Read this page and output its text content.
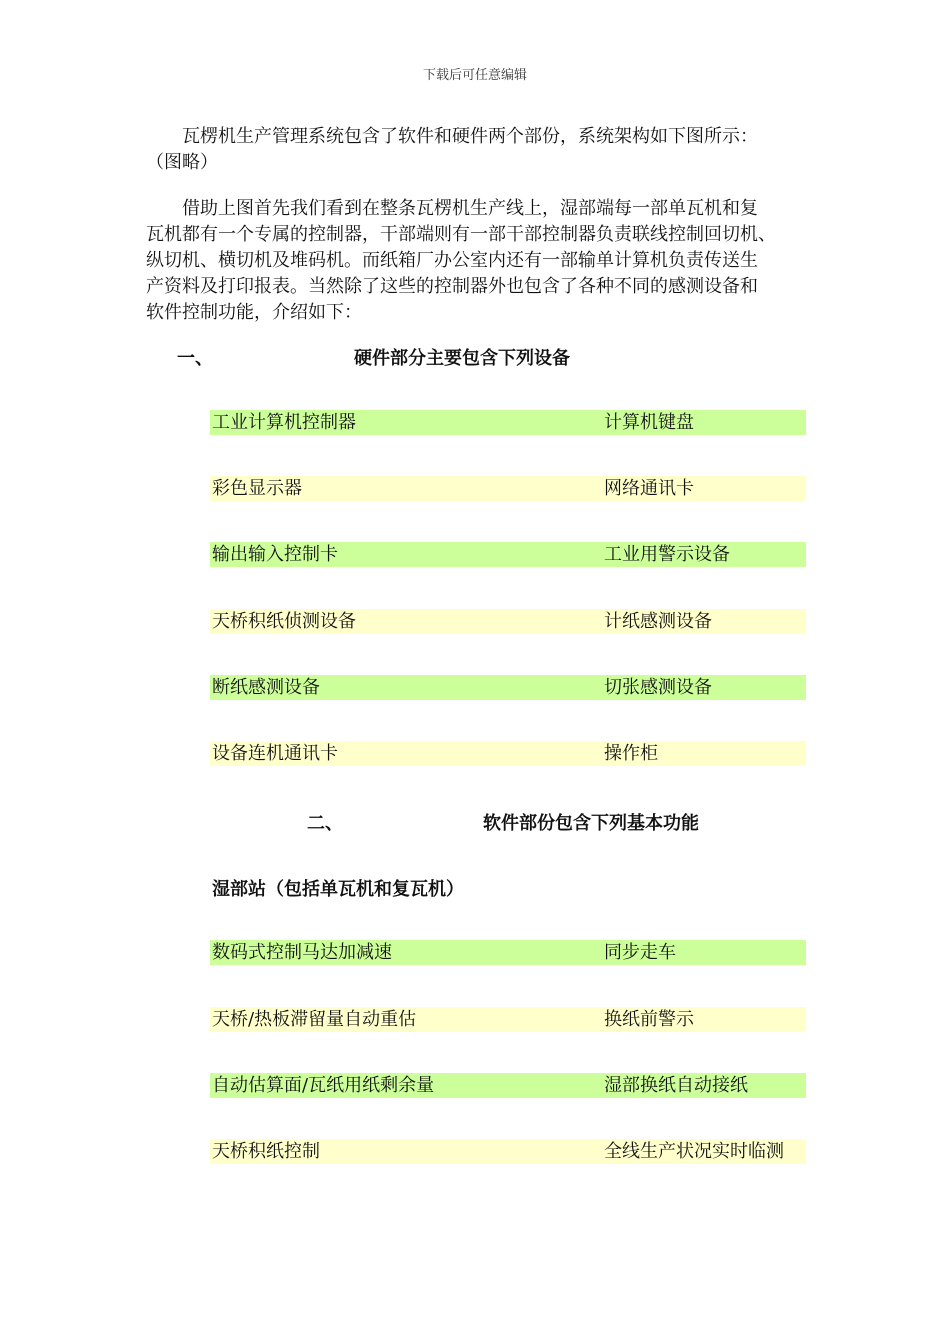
下载后可任意编辑

瓦楞机生产管理系统包含了软件和硬件两个部份，系统架构如下图所示：

（图略）

借助上图首先我们看到在整条瓦楞机生产线上，湿部端每一部单瓦机和复

瓦机都有一个专属的控制器，干部端则有一部干部控制器负责联线控制回切机、

纵切机、横切机及堆码机。而纸箱厂办公室内还有一部输单计算机负责传送生

产资料及打印报表。当然除了这些的控制器外也包含了各种不同的感测设备和

软件控制功能，介绍如下：

一、	硬件部分主要包含下列设备
工业计算机控制器	计算机键盘
彩色显示器	网络通讯卡
输出输入控制卡	工业用警示设备
天桥积纸侦测设备	计纸感测设备
断纸感测设备	切张感测设备
设备连机通讯卡	操作柜
二、	软件部份包含下列基本功能
湿部站（包括单瓦机和复瓦机）
数码式控制马达加减速	同步走车
天桥/热板滞留量自动重估	换纸前警示
自动估算面/瓦纸用纸剩余量	湿部换纸自动接纸
天桥积纸控制	全线生产状况实时临测
